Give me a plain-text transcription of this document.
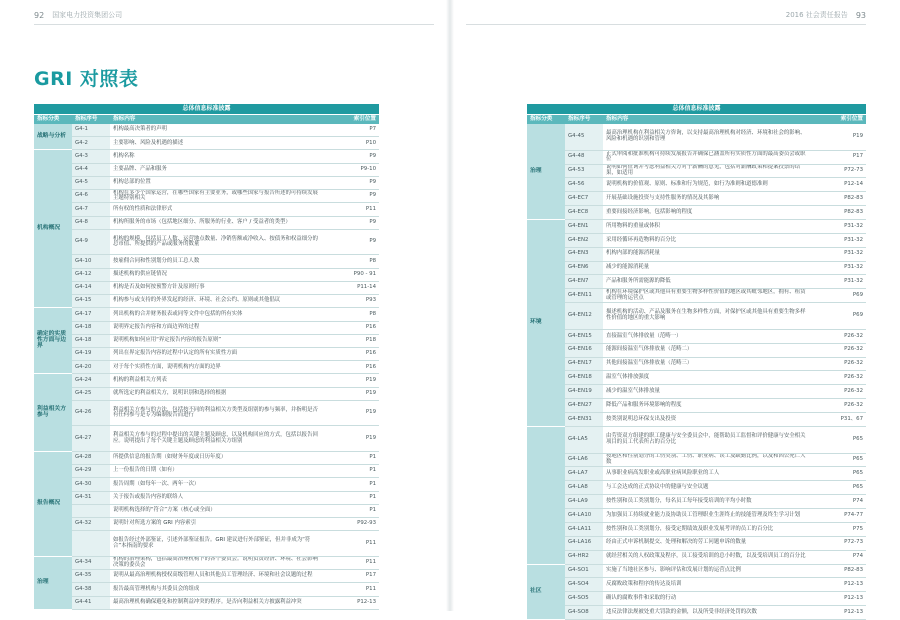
92 国家电力投资集团公司	2016 社会责任报告 93
GRI 对照表
总体信息标准披露			
指标分类	指标序号	指标内容	索引位置
战略与分析	G4-1	机构最高决策者的声明	P7
	G4-2	主要影响、风险及机遇的描述	P10
机构概况	G4-3	机构名称	P9
	G4-4	主要品牌、产品和服务	P9-10
	G4-5	机构总部的位置	P9
	G4-6	机构在多少个国家运营，在哪些国家有主要业务，或哪些国家与报告所述的可持续发展主题特别相关	P9
	G4-7	所有权的性质和法律形式	P11
	G4-8	机构所服务的市场（包括地区细分、所服务的行业、客户 / 受益者的类型）	P9
	G4-9	机构的规模，包括员工人数、运营地点数量、净销售额或净收入、按债务和权益细分的总市值、所提供的产品或服务的数量	P9
	G4-10	按雇佣合同和性别划分的员工总人数	P8
	G4-12	描述机构的供应链情况	P90 - 91
	G4-14	机构是否及如何按预警方针及原则行事	P11-14
	G4-15	机构参与或支持的外界发起的经济、环境、社会公约、原则或其他倡议	P93
确定的实质性方面与边界	G4-17	列出机构的合并财务报表或同等文件中包括的所有实体	P8
	G4-18	说明界定报告内容和方面边界的过程	P16
	G4-18	说明机构如何应用“界定报告内容的报告原则”	P18
	G4-19	列出在界定报告内容的过程中认定的所有实质性方面	P16
	G4-20	对于每个实质性方面，说明机构内方面的边界	P16
利益相关方参与	G4-24	机构的利益相关方列表	P19
	G4-25	就所选定的利益相关方，说明识别和选择的根据	P19
	G4-26	利益相关方参与的方法，包括按不同的利益相关方类型及组别的参与频率，并指明是否有任何参与是专为编制报告而进行	P19
	G4-27	利益相关方参与的过程中提出的关键主题及顾虑，以及机构回应的方式，包括以报告回应。说明提出了每个关键主题及顾虑的利益相关方组别	P19
报告概况	G4-28	所提供信息的报告期（如财务年度或日历年度）	P1
	G4-29	上一份报告的日期（如有）	P1
	G4-30	报告周期（如每年一次、两年一次）	P1
	G4-31	关于报告或报告内容的联络人	P1
		说明机构选择的“符合”方案（核心或全面）	P1
	G4-32	说明针对所选方案的 GRI 内容索引	P92-93
		如报告经过外部鉴证，引述外部鉴证报告。GRI 建议进行外部鉴证，但并非成为“符合”本指南的要求	P11
治理	G4-34	机构的治理架构，包括最高治理机构下的各个委员会。说明负责经济、环境、社会影响决策的委员会	P11
	G4-35	说明从最高治理机构授权高级管理人员和其他员工管理经济、环境和社会议题的过程	P17
	G4-38	报告最高管理机构与其委员会的组成	P11
	G4-41	最高治理机构确保避免和控制利益冲突的程序。是否向利益相关方披露利益冲突	P12-13
总体信息标准披露			
指标分类	指标序号	指标内容	索引位置
治理	G4-45	最高治理机构在利益相关方咨询，以支持最高治理机构对经济、环境和社会的影响、风险和机遇的识别和管理	P19
	G4-48	正式审阅和批准机构可持续发展报告并确保已涵盖所有实质性方面的最高委员会或职位	P17
	G4-53	说明如何征询并考虑利益相关方对于薪酬的意见，包括对薪酬政策和提案投票的结果，如适用	P72-73
	G4-56	说明机构的价值观、原则、标准和行为规范，如行为准则和道德准则	P12-14
	G4-EC7	开展基础设施投资与支持性服务的情况及其影响	P82-83
	G4-EC8	重要间接经济影响，包括影响的程度	P82-83
环境	G4-EN1	所用物料的重量或体积	P31-32
	G4-EN2	采用经循环再造物料的百分比	P31-32
	G4-EN3	机构内部的能源消耗量	P31-32
	G4-EN6	减少的能源消耗量	P31-32
	G4-EN7	产品和服务所需能源的降低	P31-32
	G4-EN11	机构在环境保护区或其他具有重要生物多样性价值的地区或其毗邻地区，拥有、租赁或管理的运营点	P69
	G4-EN12	描述机构的活动、产品及服务在生物多样性方面，对保护区或其他具有重要生物多样性价值的地区的重大影响	P69
	G4-EN15	直接温室气体排放量（范畴一）	P26-32
	G4-EN16	能源间接温室气体排放量（范畴二）	P26-32
	G4-EN17	其他间接温室气体排放量（范畴三）	P26-32
	G4-EN18	温室气体排放强度	P26-32
	G4-EN19	减少的温室气体排放量	P26-32
	G4-EN27	降低产品和服务环境影响的程度	P26-32
	G4-EN31	按类别说明总环保支出及投资	P31、67
	G4-LA5	由劳资双方组建的职工健康与安全委员会中，能帮助员工监督和评价健康与安全相关项目的员工代表所占的百分比	P65
	G4-LA6	按地区和性别划分的工伤类别、工伤、职业病、误工及缺勤比例，以及和因公死亡人数	P65
	G4-LA7	从事职业病高发职业或高职业病风险职业的工人	P65
	G4-LA8	与工会达成的正式协议中的健康与安全议题	P65
	G4-LA9	按性别和员工类别划分，每名员工每年接受培训的平均小时数	P74
	G4-LA10	为加强员工持续就业能力及协助员工管理职业生涯终止的技能管理及终生学习计划	P74-77
	G4-LA11	按性别和员工类别划分，接受定期绩效及职业发展考评的员工的百分比	P75
	G4-LA16	经由正式申诉机制提交、处理和解决的劳工问题申诉的数量	P72-73
	G4-HR2	就经营相关的人权政策及程序，员工接受培训的总小时数，以及受培训员工的百分比	P74
社区	G4-SO1	实施了当地社区参与、影响评估和发展计划的运营点比例	P82-83
	G4-SO4	反腐败政策和程序的传达及培训	P12-13
	G4-SO5	确认的腐败事件和采取的行动	P12-13
	G4-SO8	违反法律法规被处重大罚款的金额，以及所受非经济处罚的次数	P12-13
